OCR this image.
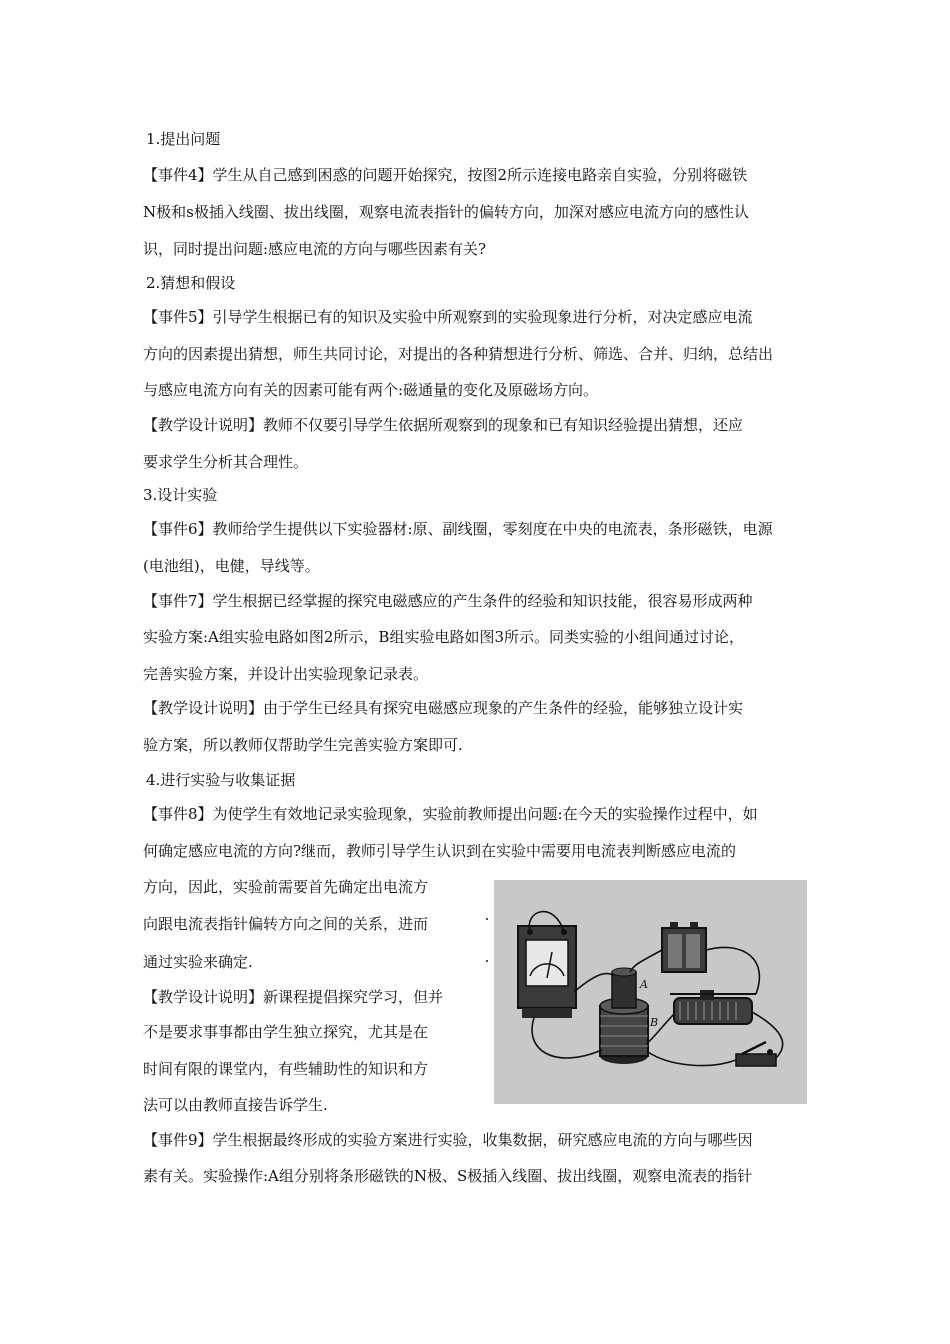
1.提出问题
【事件4】学生从自己感到困惑的问题开始探究，按图2所示连接电路亲自实验，分别将磁铁
N极和s极插入线圈、拔出线圈，观察电流表指针的偏转方向，加深对感应电流方向的感性认
识，同时提出问题:感应电流的方向与哪些因素有关?
2.猜想和假设
【事件5】引导学生根据已有的知识及实验中所观察到的实验现象进行分析，对决定感应电流
方向的因素提出猜想，师生共同讨论，对提出的各种猜想进行分析、筛选、合并、归纳，总结出
与感应电流方向有关的因素可能有两个:磁通量的变化及原磁场方向。
【教学设计说明】教师不仅要引导学生依据所观察到的现象和已有知识经验提出猜想，还应
要求学生分析其合理性。
3.设计实验
【事件6】教师给学生提供以下实验器材:原、副线圈，零刻度在中央的电流表，条形磁铁，电源
(电池组)，电健，导线等。
【事件7】学生根据已经掌握的探究电磁感应的产生条件的经验和知识技能，很容易形成两种
实验方案:A组实验电路如图2所示，B组实验电路如图3所示。同类实验的小组间通过讨论，
完善实验方案，并设计出实验现象记录表。
【教学设计说明】由于学生已经具有探究电磁感应现象的产生条件的经验，能够独立设计实
验方案，所以教师仅帮助学生完善实验方案即可.
4.进行实验与收集证据
【事件8】为使学生有效地记录实验现象，实验前教师提出问题:在今天的实验操作过程中，如
何确定感应电流的方向?继而，教师引导学生认识到在实验中需要用电流表判断感应电流的
方向，因此，实验前需要首先确定出电流方
向跟电流表指针偏转方向之间的关系，进而
通过实验来确定.
【教学设计说明】新课程提倡探究学习，但并
不是要求事事都由学生独立探究，尤其是在
时间有限的课堂内，有些辅助性的知识和方
法可以由教师直接告诉学生.
【事件9】学生根据最终形成的实验方案进行实验，收集数据，研究感应电流的方向与哪些因
素有关。实验操作:A组分别将条形磁铁的N极、S极插入线圈、拔出线圈，观察电流表的指针
A
B
